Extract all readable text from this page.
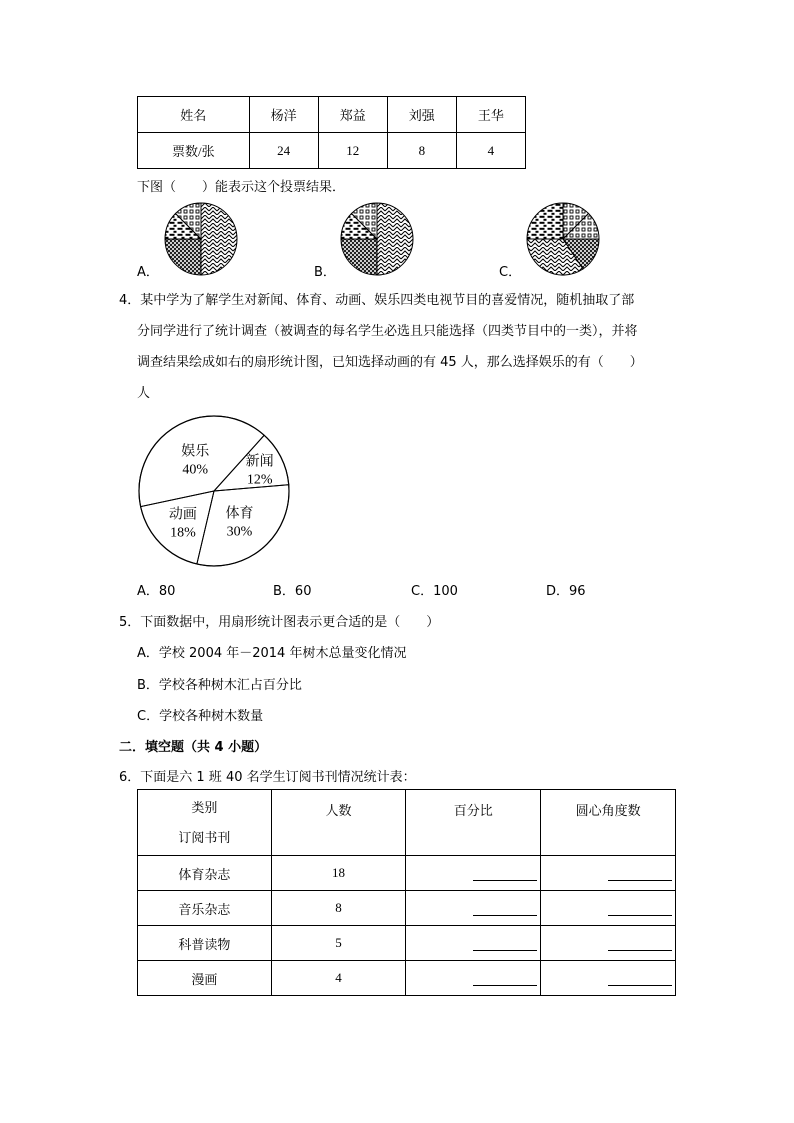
姓名	杨洋	郑益	刘强	王华
票数/张	24	12	8	4
下图（　　）能表示这个投票结果．
A．	B．	C．
4．某中学为了解学生对新闻、体育、动画、娱乐四类电视节目的喜爱情况，随机抽取了部
分同学进行了统计调查（被调查的每名学生必选且只能选择（四类节目中的一类），并将
调查结果绘成如右的扇形统计图，已知选择动画的有 45 人，那么选择娱乐的有（　　）
人
娱乐
40%
新闻
12%
体育
30%
动画
18%
A．80	B．60	C．100	D．96
5．下面数据中，用扇形统计图表示更合适的是（　　）
A．学校 2004 年－2014 年树木总量变化情况
B．学校各种树木汇占百分比
C．学校各种树木数量
二．填空题（共 4 小题）
6．下面是六 1 班 40 名学生订阅书刊情况统计表：
类别
订阅书刊	人数	百分比	圆心角度数
体育杂志	18		
音乐杂志	8		
科普读物	5		
漫画	4		
